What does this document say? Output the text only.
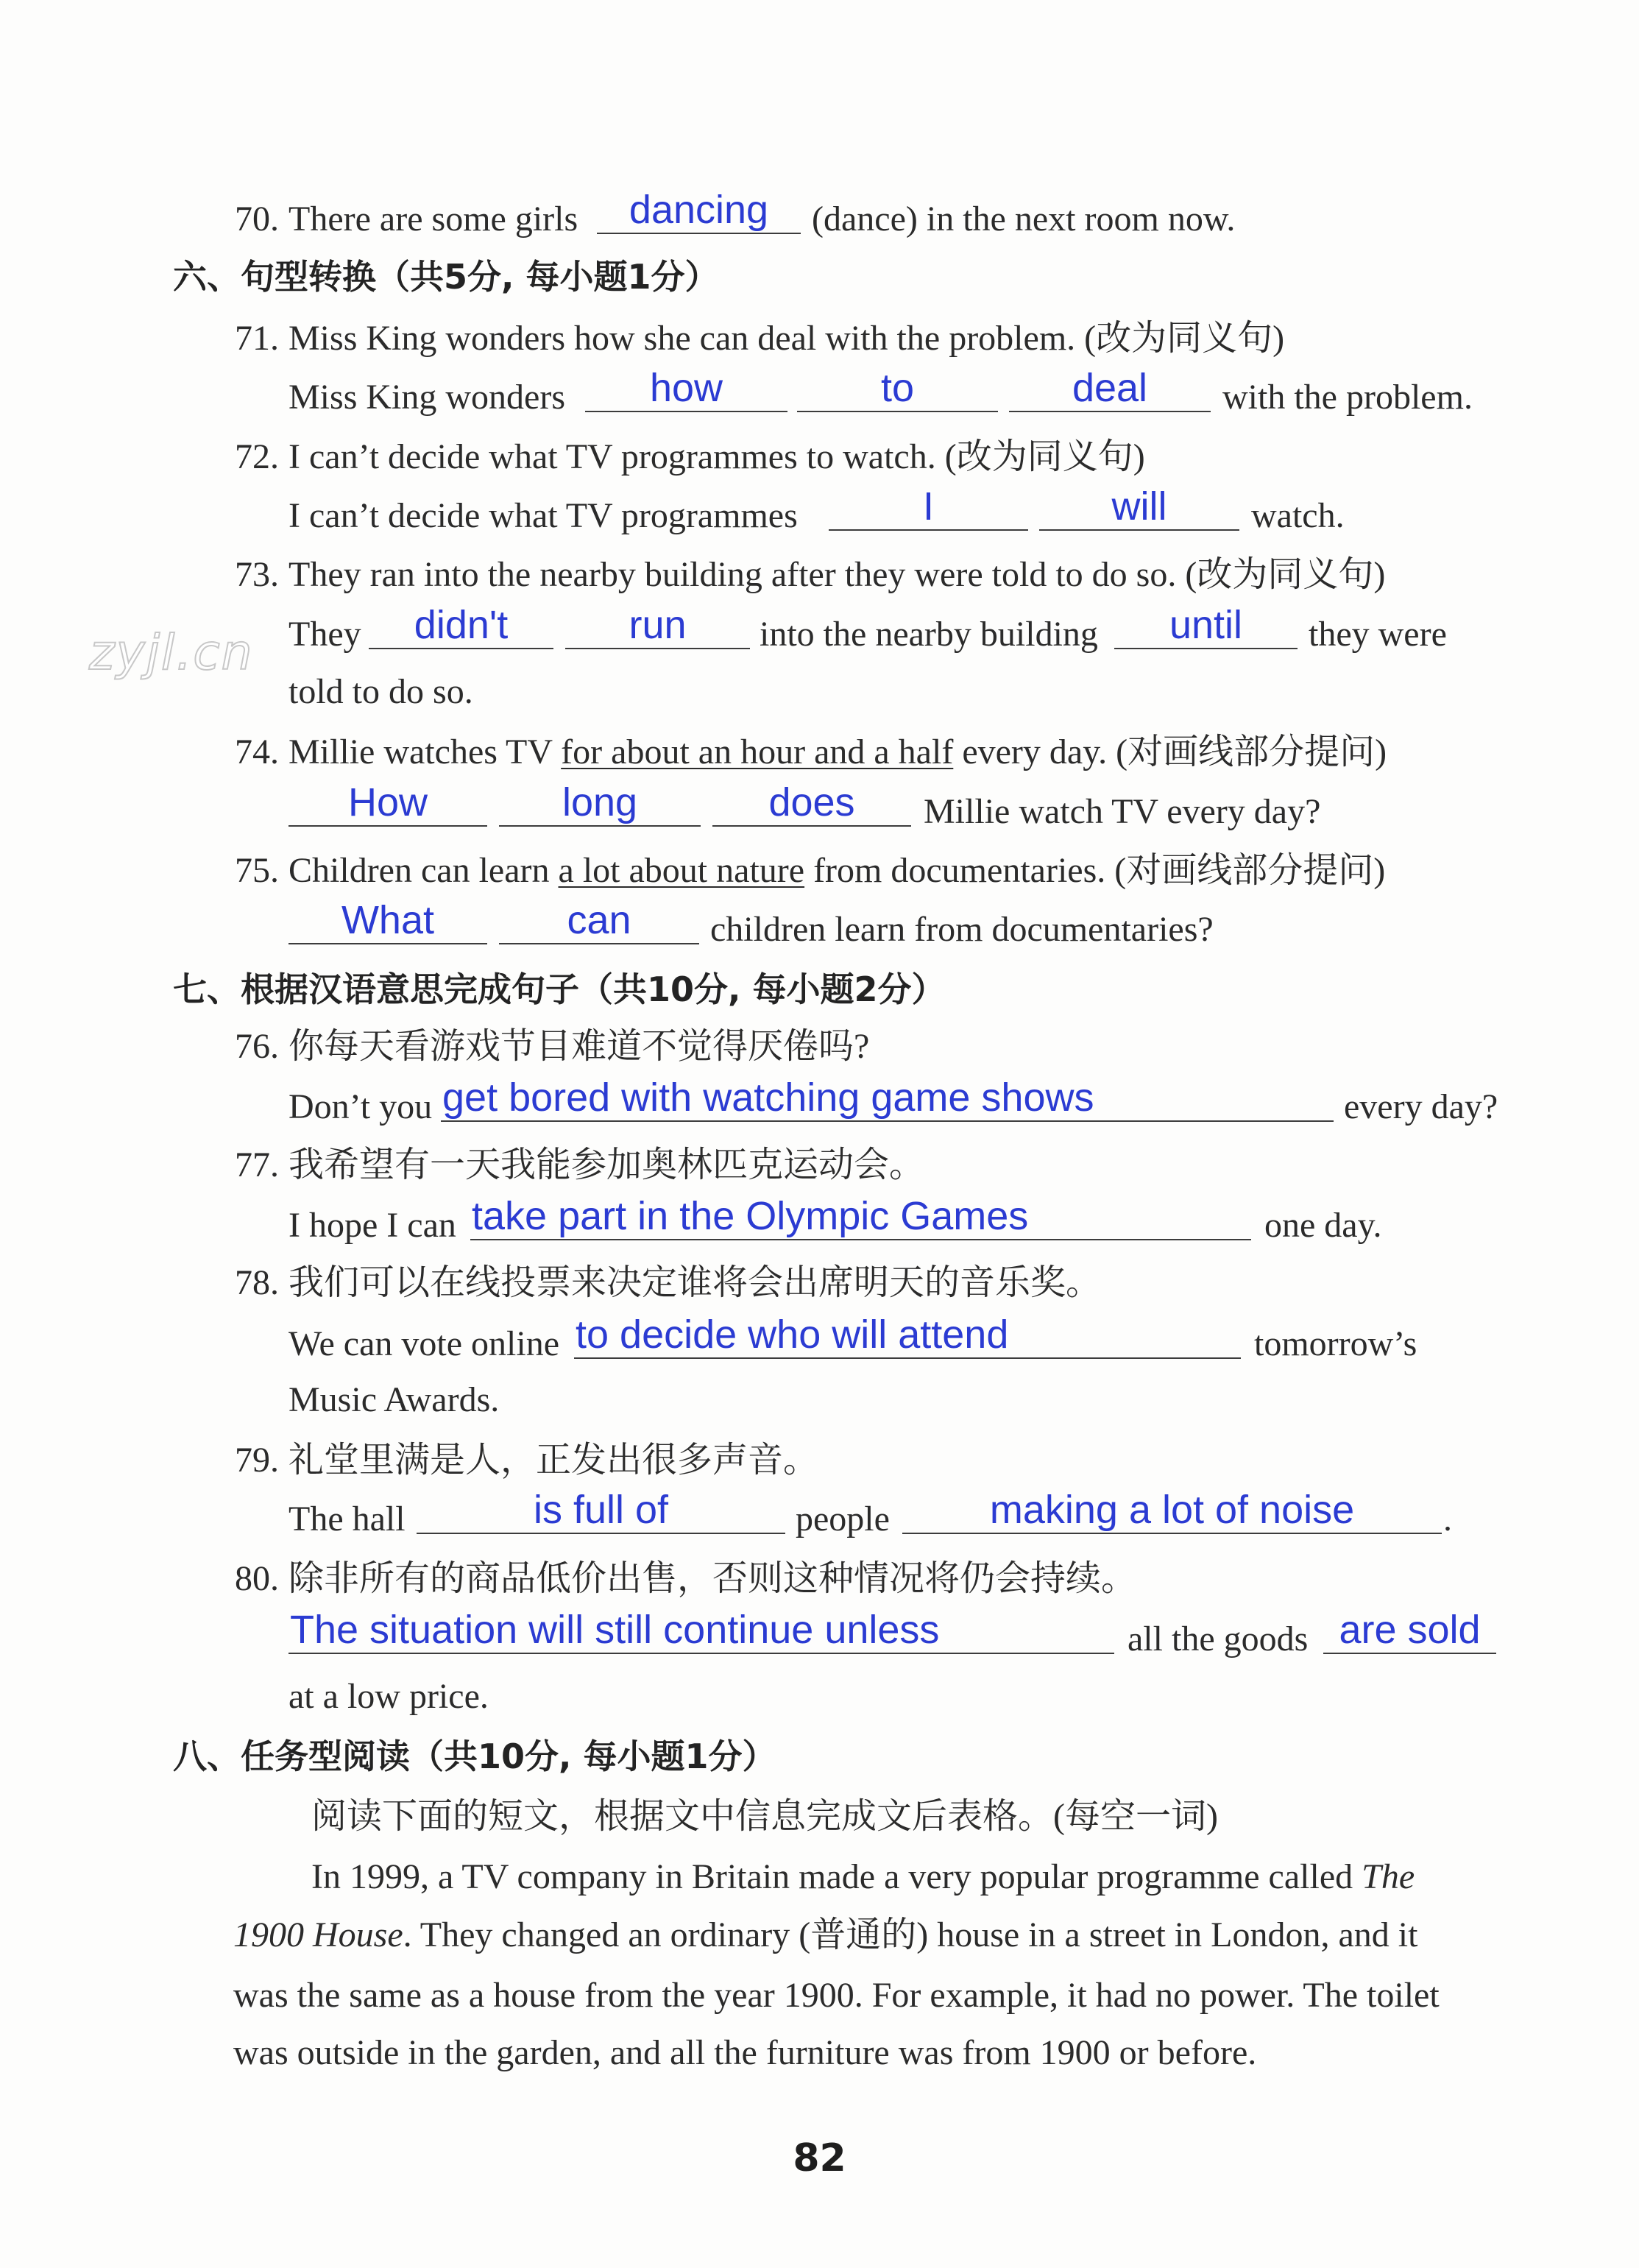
zyjl.cn
70. There are some girls	dancing	(dance) in the next room now.
六、句型转换（共5分, 每小题1分）
71. Miss King wonders how she can deal with the problem. (改为同义句)
Miss King wonders	how	to	deal	with the problem.
72. I can’t decide what TV programmes to watch. (改为同义句)
I can’t decide what TV programmes	I	will	watch.
73. They ran into the nearby building after they were told to do so. (改为同义句)
They	didn't	run	into the nearby building	until	they were
told to do so.
74. Millie watches TV for about an hour and a half every day. (对画线部分提问)
How	long	does	Millie watch TV every day?
75. Children can learn a lot about nature from documentaries. (对画线部分提问)
What	can	children learn from documentaries?
七、根据汉语意思完成句子（共10分, 每小题2分）
76. 你每天看游戏节目难道不觉得厌倦吗?
Don’t you get bored with watching game shows	every day?
77. 我希望有一天我能参加奥林匹克运动会。
I hope I can take part in the Olympic Games	one day.
78. 我们可以在线投票来决定谁将会出席明天的音乐奖。
We can vote online to decide who will attend	tomorrow’s
Music Awards.
79. 礼堂里满是人，正发出很多声音。
The hall	is full of	people	making a lot of noise	.
80. 除非所有的商品低价出售，否则这种情况将仍会持续。
The situation will still continue unless	all the goods are sold
at a low price.
八、任务型阅读（共10分, 每小题1分）
阅读下面的短文，根据文中信息完成文后表格。(每空一词)
In 1999, a TV company in Britain made a very popular programme called The
1900 House. They changed an ordinary (普通的) house in a street in London, and it
was the same as a house from the year 1900. For example, it had no power. The toilet
was outside in the garden, and all the furniture was from 1900 or before.
82
